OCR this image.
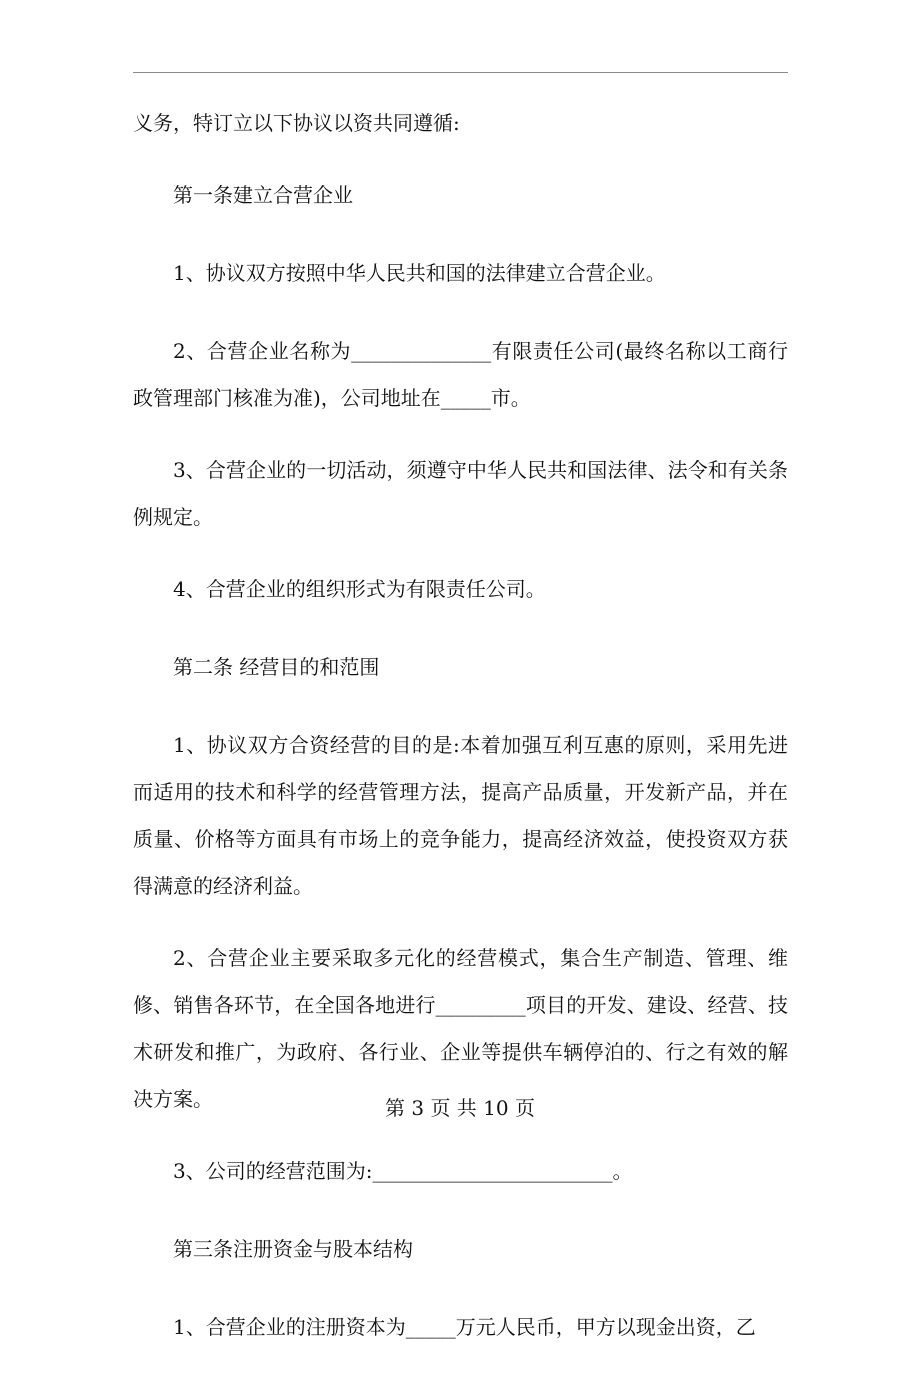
义务，特订立以下协议以资共同遵循:

第一条建立合营企业

1、协议双方按照中华人民共和国的法律建立合营企业。

2、合营企业名称为______________有限责任公司(最终名称以工商行政管理部门核准为准)，公司地址在_____市。

3、合营企业的一切活动，须遵守中华人民共和国法律、法令和有关条例规定。

4、合营企业的组织形式为有限责任公司。

第二条 经营目的和范围

1、协议双方合资经营的目的是:本着加强互利互惠的原则，采用先进而适用的技术和科学的经营管理方法，提高产品质量，开发新产品，并在质量、价格等方面具有市场上的竞争能力，提高经济效益，使投资双方获得满意的经济利益。

2、合营企业主要采取多元化的经营模式，集合生产制造、管理、维修、销售各环节，在全国各地进行_________项目的开发、建设、经营、技术研发和推广，为政府、各行业、企业等提供车辆停泊的、行之有效的解决方案。

3、公司的经营范围为:________________________。

第三条注册资金与股本结构

1、合营企业的注册资本为_____万元人民币，甲方以现金出资，乙

第 3 页 共 10 页
